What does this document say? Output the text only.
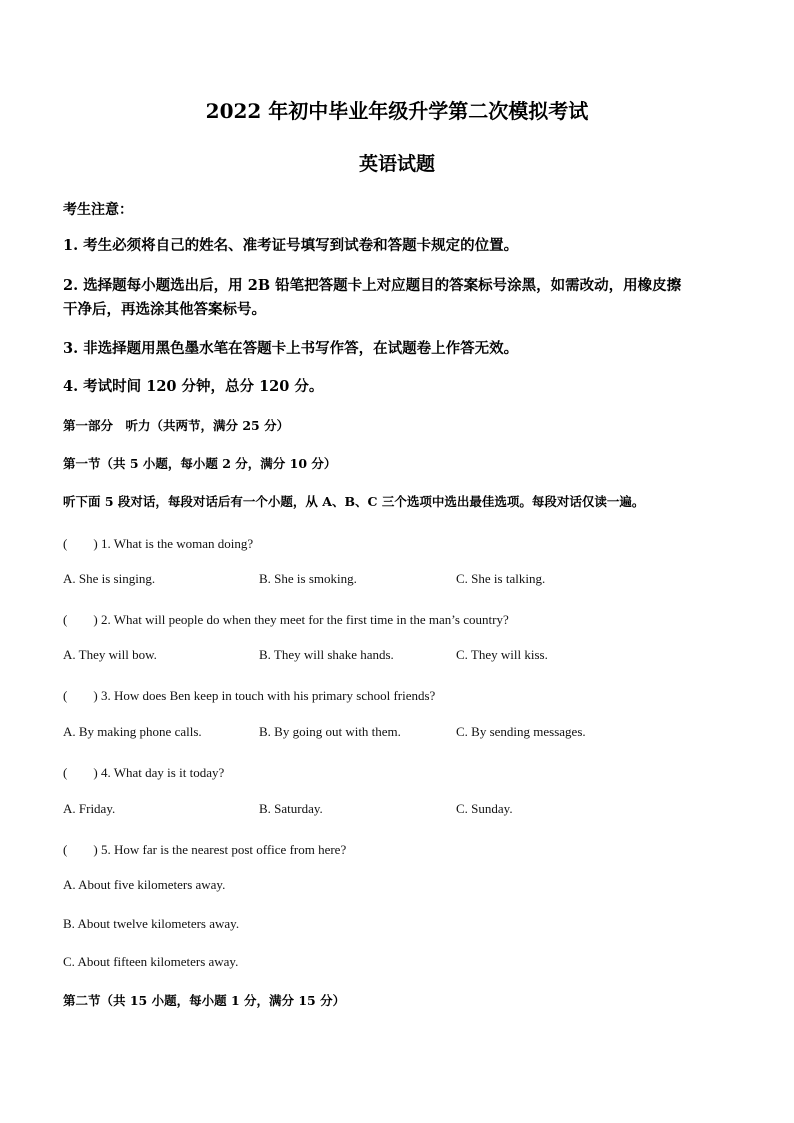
2022 年初中毕业年级升学第二次模拟考试
英语试题
考生注意：
1. 考生必须将自己的姓名、准考证号填写到试卷和答题卡规定的位置。
2. 选择题每小题选出后，用 2B 铅笔把答题卡上对应题目的答案标号涂黑，如需改动，用橡皮擦
干净后，再选涂其他答案标号。
3. 非选择题用黑色墨水笔在答题卡上书写作答，在试题卷上作答无效。
4. 考试时间 120 分钟，总分 120 分。
第一部分　听力（共两节，满分 25 分）
第一节（共 5 小题，每小题 2 分，满分 10 分）
听下面 5 段对话，每段对话后有一个小题，从 A、B、C 三个选项中选出最佳选项。每段对话仅读一遍。
(　　) 1. What is the woman doing?
A. She is singing.	B. She is smoking.	C. She is talking.
(　　) 2. What will people do when they meet for the first time in the man’s country?
A. They will bow.	B. They will shake hands.	C. They will kiss.
(　　) 3. How does Ben keep in touch with his primary school friends?
A. By making phone calls.	B. By going out with them.	C. By sending messages.
(　　) 4. What day is it today?
A. Friday.	B. Saturday.	C. Sunday.
(　　) 5. How far is the nearest post office from here?
A. About five kilometers away.
B. About twelve kilometers away.
C. About fifteen kilometers away.
第二节（共 15 小题，每小题 1 分，满分 15 分）
